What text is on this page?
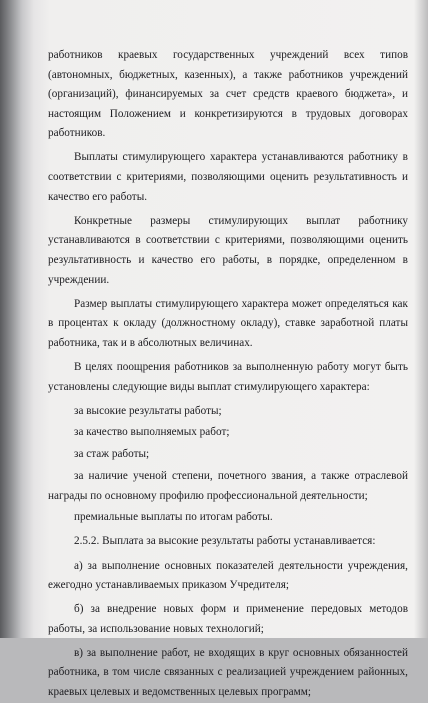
работников краевых государственных учреждений всех типов (автономных, бюджетных, казенных), а также работников учреждений (организаций), финансируемых за счет средств краевого бюджета», и настоящим Положением и конкретизируются в трудовых договорах работников.

Выплаты стимулирующего характера устанавливаются работнику в соответствии с критериями, позволяющими оценить результативность и качество его работы.

Конкретные размеры стимулирующих выплат работнику устанавливаются в соответствии с критериями, позволяющими оценить результативность и качество его работы, в порядке, определенном в учреждении.

Размер выплаты стимулирующего характера может определяться как в процентах к окладу (должностному окладу), ставке заработной платы работника, так и в абсолютных величинах.

В целях поощрения работников за выполненную работу могут быть установлены следующие виды выплат стимулирующего характера:

за высокие результаты работы;

за качество выполняемых работ;

за стаж работы;

за наличие ученой степени, почетного звания, а также отраслевой награды по основному профилю профессиональной деятельности;

премиальные выплаты по итогам работы.

2.5.2. Выплата за высокие результаты работы устанавливается:

а) за выполнение основных показателей деятельности учреждения, ежегодно устанавливаемых приказом Учредителя;

б) за внедрение новых форм и применение передовых методов работы, за использование новых технологий;

в) за выполнение работ, не входящих в круг основных обязанностей работника, в том числе связанных с реализацией учреждением районных, краевых целевых и ведомственных целевых программ;
